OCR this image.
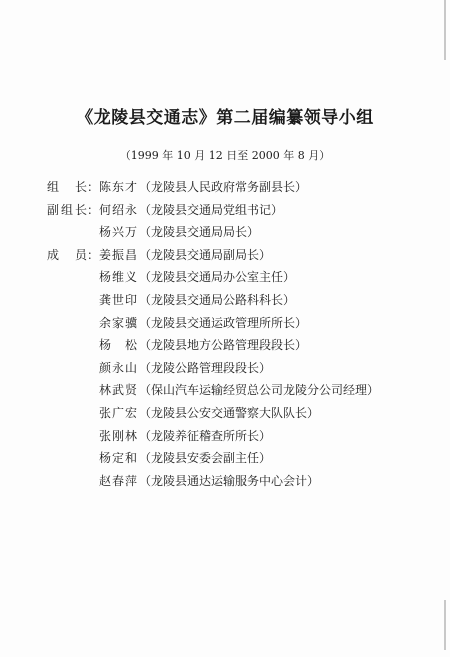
《龙陵县交通志》第二届编纂领导小组
（1999 年 10 月 12 日至 2000 年 8 月）
组　长 ： 陈东才 （龙陵县人民政府常务副县长）
副组长 ： 何绍永 （龙陵县交通局党组书记）
杨兴万 （龙陵县交通局局长）
成　员 ： 姜振昌 （龙陵县交通局副局长）
杨维义 （龙陵县交通局办公室主任）
龚世印 （龙陵县交通局公路科科长）
余家骥 （龙陵县交通运政管理所所长）
杨　松 （龙陵县地方公路管理段段长）
颜永山 （龙陵公路管理段段长）
林武贤 （保山汽车运输经贸总公司龙陵分公司经理）
张广宏 （龙陵县公安交通警察大队队长）
张刚林 （龙陵养征稽查所所长）
杨定和 （龙陵县安委会副主任）
赵春萍 （龙陵县通达运输服务中心会计）
